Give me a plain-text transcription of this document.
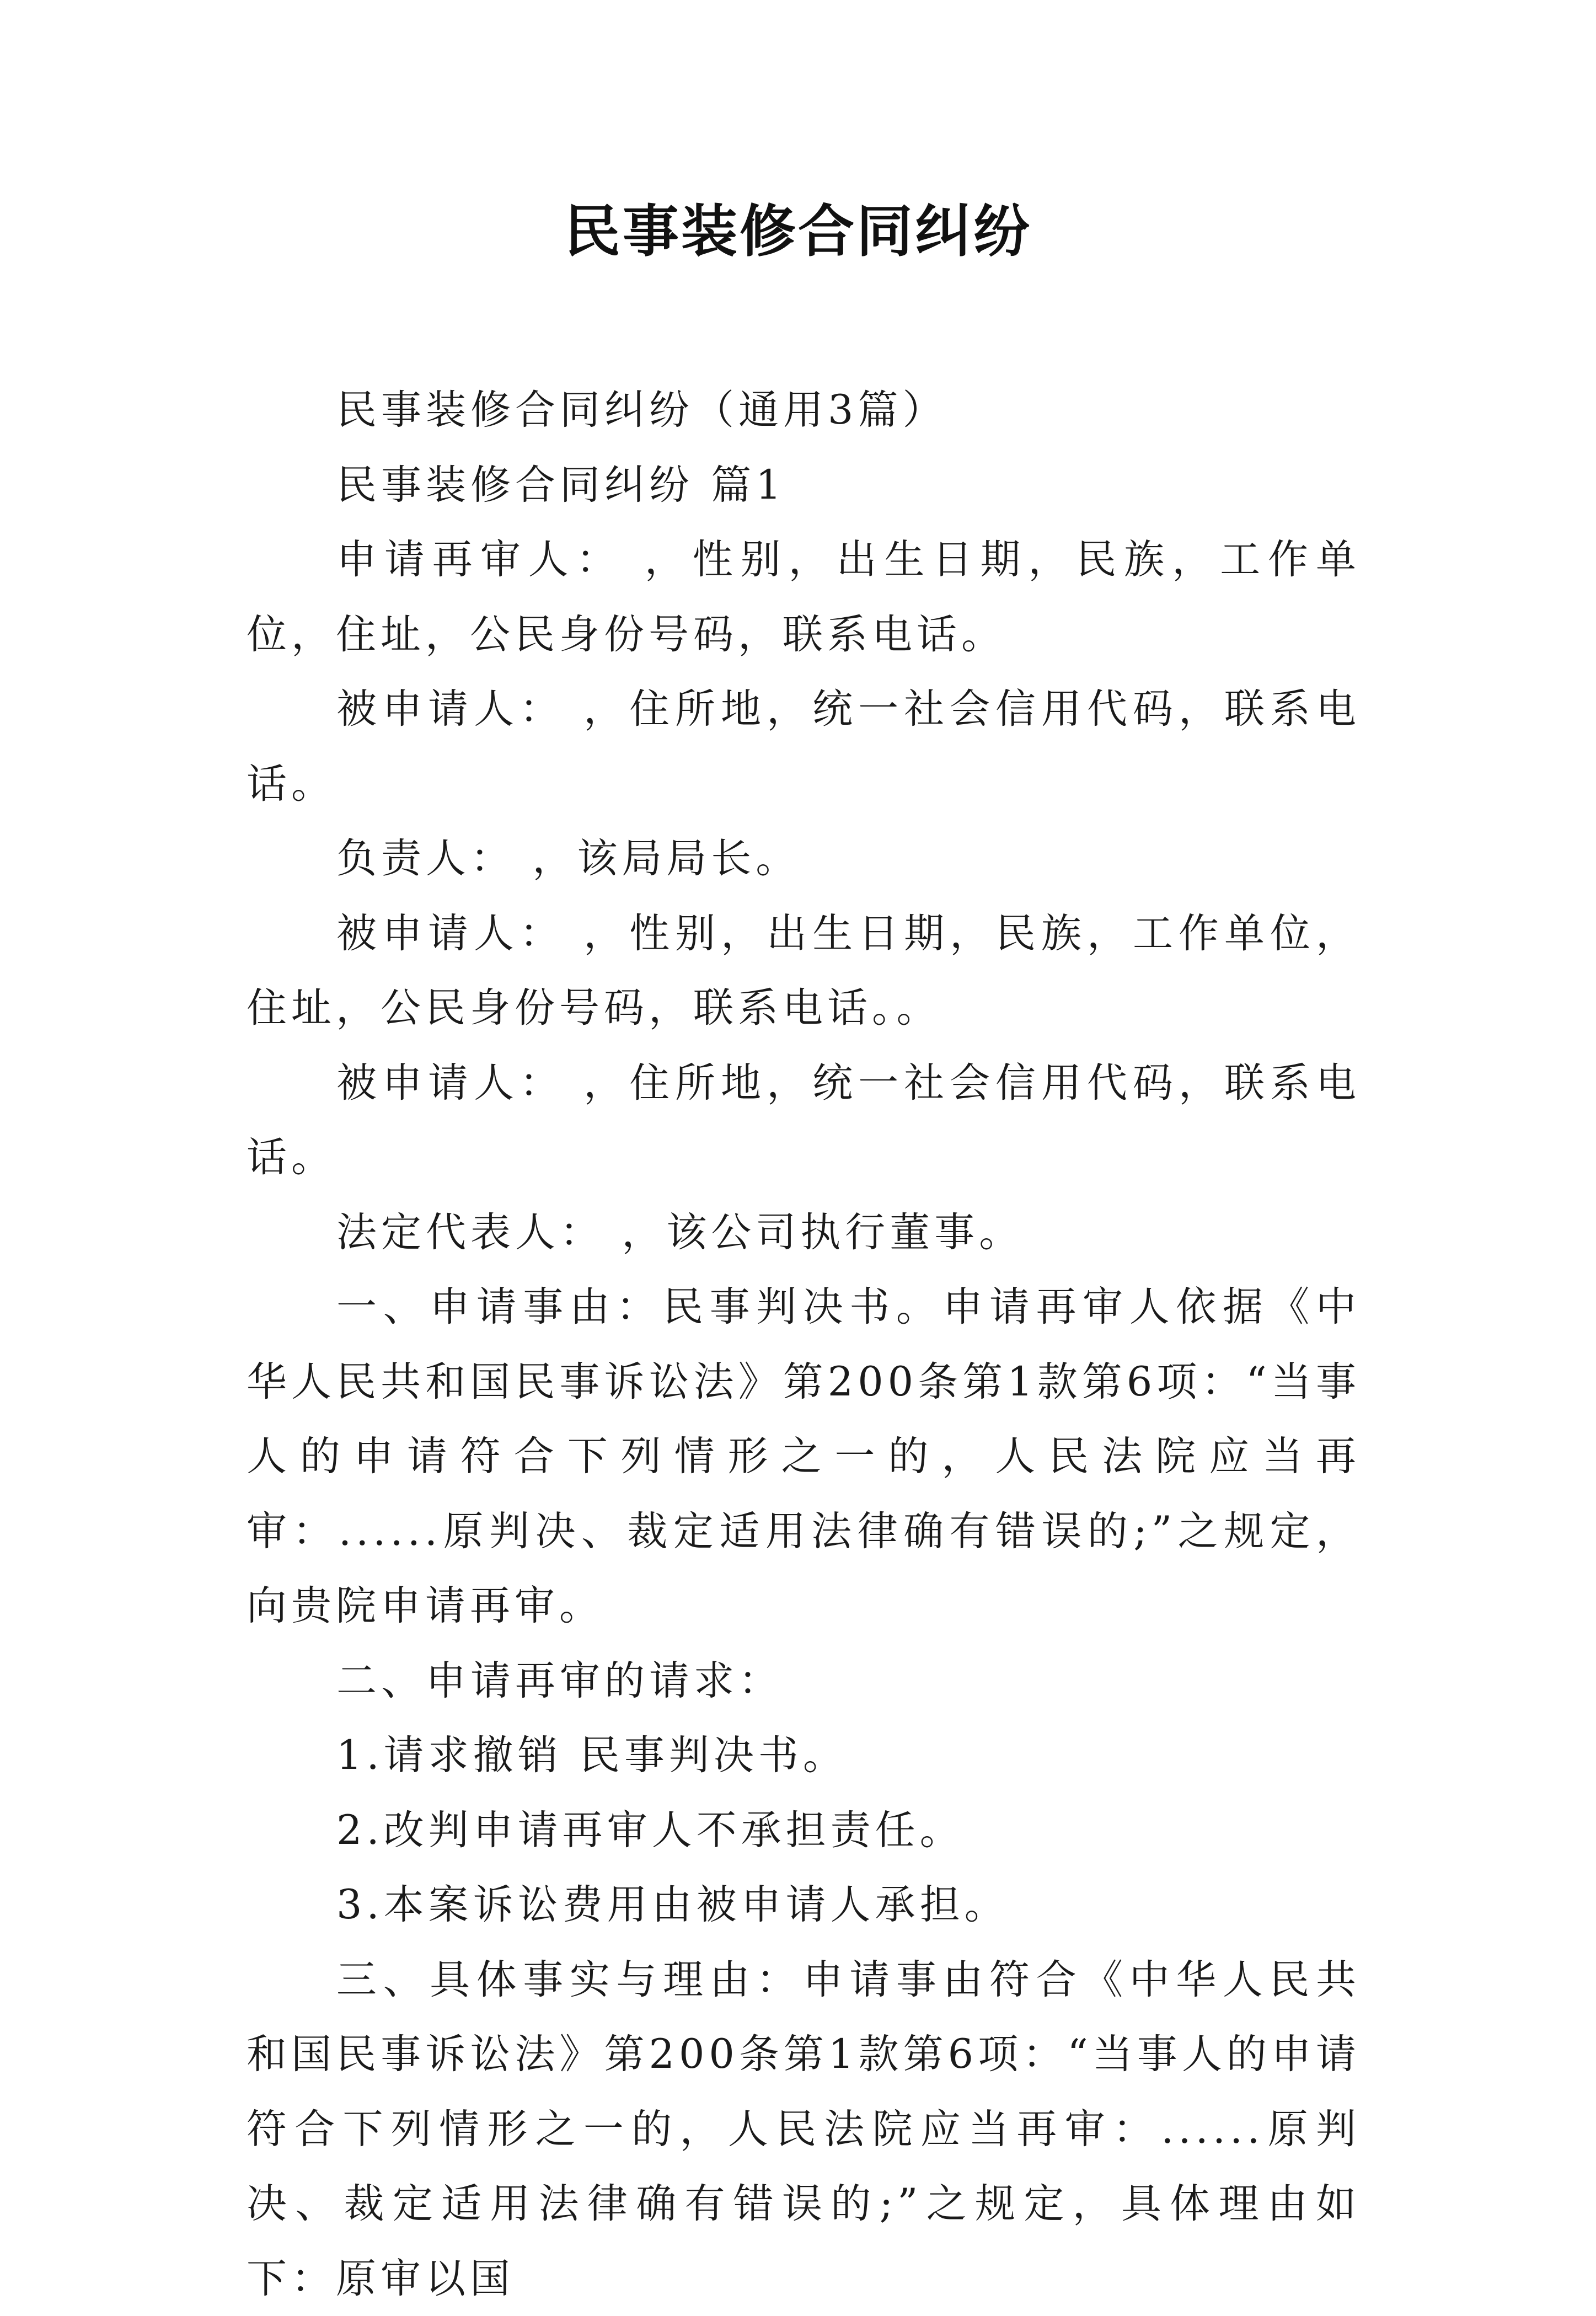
民事装修合同纠纷

民事装修合同纠纷（通用3篇）

民事装修合同纠纷 篇1

申请再审人： ，性别，出生日期，民族，工作单位，住址，公民身份号码，联系电话。

被申请人： ，住所地，统一社会信用代码，联系电话。

负责人： ，该局局长。

被申请人： ，性别，出生日期，民族，工作单位，住址，公民身份号码，联系电话。。

被申请人： ，住所地，统一社会信用代码，联系电话。

法定代表人： ，该公司执行董事。

一、申请事由：民事判决书。申请再审人依据《中华人民共和国民事诉讼法》第200条第1款第6项：“当事人的申请符合下列情形之一的，人民法院应当再审：......原判决、裁定适用法律确有错误的;”之规定，向贵院申请再审。

二、申请再审的请求：

1.请求撤销 民事判决书。

2.改判申请再审人不承担责任。

3.本案诉讼费用由被申请人承担。

三、具体事实与理由：申请事由符合《中华人民共和国民事诉讼法》第200条第1款第6项：“当事人的申请符合下列情形之一的，人民法院应当再审：......原判决、裁定适用法律确有错误的;”之规定，具体理由如下：原审以国
